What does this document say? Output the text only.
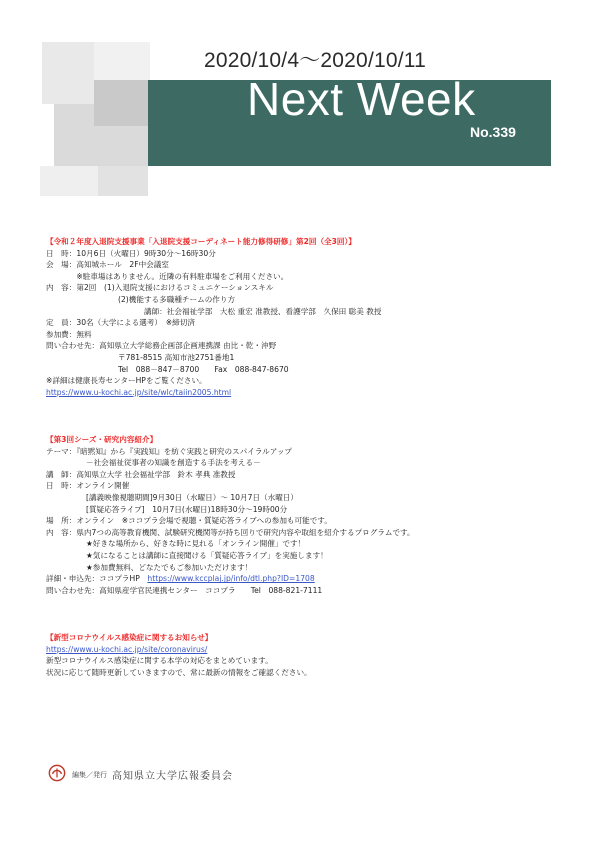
2020/10/4～2020/10/11
Next Week
No.339
【令和２年度入退院支援事業「入退院支援コーディネート能力修得研修」第2回（全3回）】
日　時：10月6日（火曜日）9時30分～16時30分
会　場：高知城ホール　2F中会議室
　　　　※駐車場はありません。近隣の有料駐車場をご利用ください。
内　容：第2回　(1)入退院支援におけるコミュニケーションスキル
(2)機能する多職種チームの作り方
講師：社会福祉学部　大松 重宏 准教授、看護学部　久保田 聡美 教授
定　員：30名（大学による選考）　※締切済
参加費：無料
問い合わせ先：高知県立大学総務企画部企画連携課 由比・乾・沖野
〒781-8515 高知市池2751番地1
Tel　088－847－8700　　Fax　088-847-8670
※詳細は健康長寿センターHPをご覧ください。
https://www.u-kochi.ac.jp/site/wlc/taiin2005.html
【第3回シーズ・研究内容紹介】
テーマ：『暗黙知』から『実践知』を紡ぐ実践と研究のスパイラルアップ
－社会福祉従事者の知識を創造する手法を考える－
講　師：高知県立大学 社会福祉学部　鈴木 孝典 准教授
日　時：オンライン開催
[講義映像視聴期間]9月30日（水曜日）～ 10月7日（水曜日）
[質疑応答ライブ]　10月7日(水曜日)18時30分～19時00分
場　所：オンライン　※ココプラ会場で視聴・質疑応答ライブへの参加も可能です。
内　容：県内7つの高等教育機関、試験研究機関等が持ち回りで研究内容や取組を紹介するプログラムです。
★好きな場所から、好きな時に見れる「オンライン開催」です！
★気になることは講師に直接聞ける「質疑応答ライブ」を実施します！
★参加費無料、どなたでもご参加いただけます！
詳細・申込先：ココプラHP　https://www.kccplaj.jp/info/dtl.php?ID=1708
問い合わせ先：高知県産学官民連携センター　ココプラ　　Tel　088-821-7111
【新型コロナウイルス感染症に関するお知らせ】
https://www.u-kochi.ac.jp/site/coronavirus/
新型コロナウイルス感染症に関する本学の対応をまとめています。
状況に応じて随時更新していきますので、常に最新の情報をご確認ください。
編集／発行 高知県立大学広報委員会
